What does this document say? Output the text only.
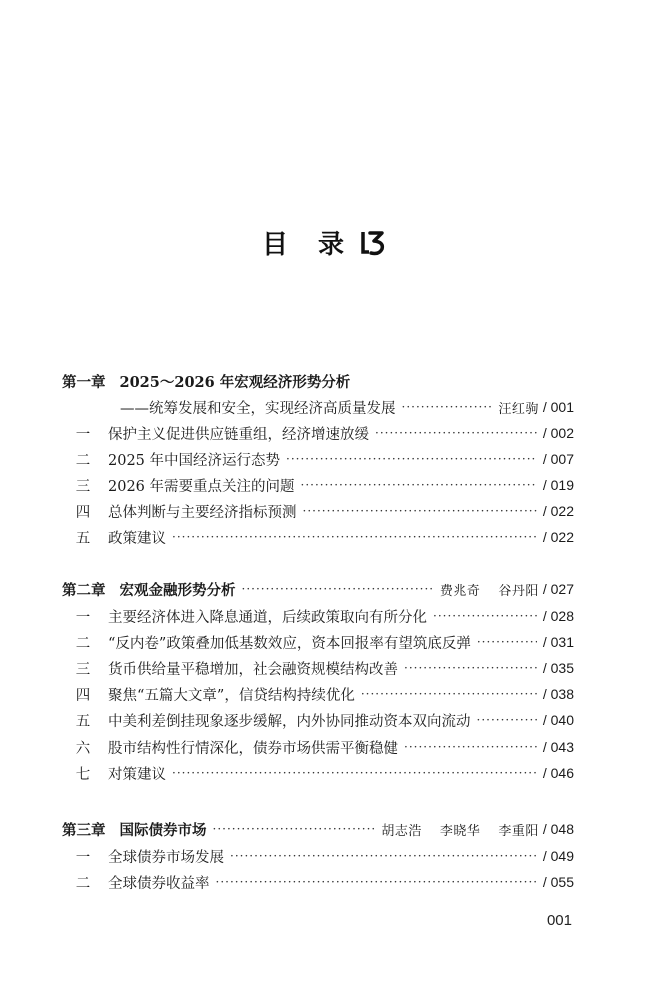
目 录
第一章 2025～2026 年宏观经济形势分析
——统筹发展和安全，实现经济高质量发展 ·····	汪红驹 / 001
一	保护主义促进供应链重组，经济增速放缓 ·····	/ 002
二	2025 年中国经济运行态势 ·····	/ 007
三	2026 年需要重点关注的问题 ·····	/ 019
四	总体判断与主要经济指标预测 ·····	/ 022
五	政策建议 ·····	/ 022
第二章 宏观金融形势分析 ·····	费兆奇 谷丹阳 / 027
一	主要经济体进入降息通道，后续政策取向有所分化 ·····	/ 028
二	“反内卷”政策叠加低基数效应，资本回报率有望筑底反弹 ·····	/ 031
三	货币供给量平稳增加，社会融资规模结构改善 ·····	/ 035
四	聚焦“五篇大文章”，信贷结构持续优化 ·····	/ 038
五	中美利差倒挂现象逐步缓解，内外协同推动资本双向流动 ·····	/ 040
六	股市结构性行情深化，债券市场供需平衡稳健 ·····	/ 043
七	对策建议 ·····	/ 046
第三章 国际债券市场 ·····	胡志浩 李晓华 李重阳 / 048
一	全球债券市场发展 ·····	/ 049
二	全球债券收益率 ·····	/ 055
001
